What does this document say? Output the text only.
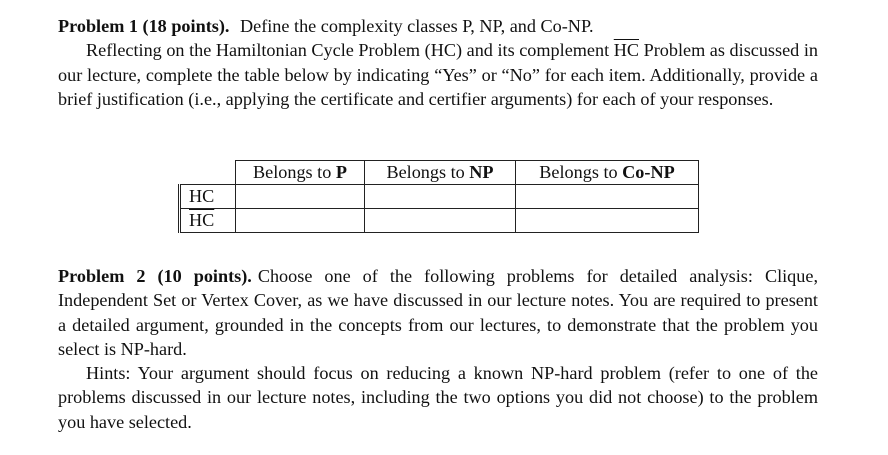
Problem 1 (18 points). Define the complexity classes P, NP, and Co-NP.

Reflecting on the Hamiltonian Cycle Problem (HC) and its complement $\overline{HC}$ Problem as discussed in our lecture, complete the table below by indicating “Yes” or “No” for each item. Additionally, provide a brief justification (i.e., applying the certificate and certifier arguments) for each of your responses.

	Belongs to P	Belongs to NP	Belongs to Co-NP
HC			
$\overline{HC}$			

Problem 2 (10 points). Choose one of the following problems for detailed analysis: Clique, Independent Set or Vertex Cover, as we have discussed in our lecture notes. You are required to present a detailed argument, grounded in the concepts from our lectures, to demonstrate that the problem you select is NP-hard.

Hints: Your argument should focus on reducing a known NP-hard problem (refer to one of the problems discussed in our lecture notes, including the two options you did not choose) to the problem you have selected.
